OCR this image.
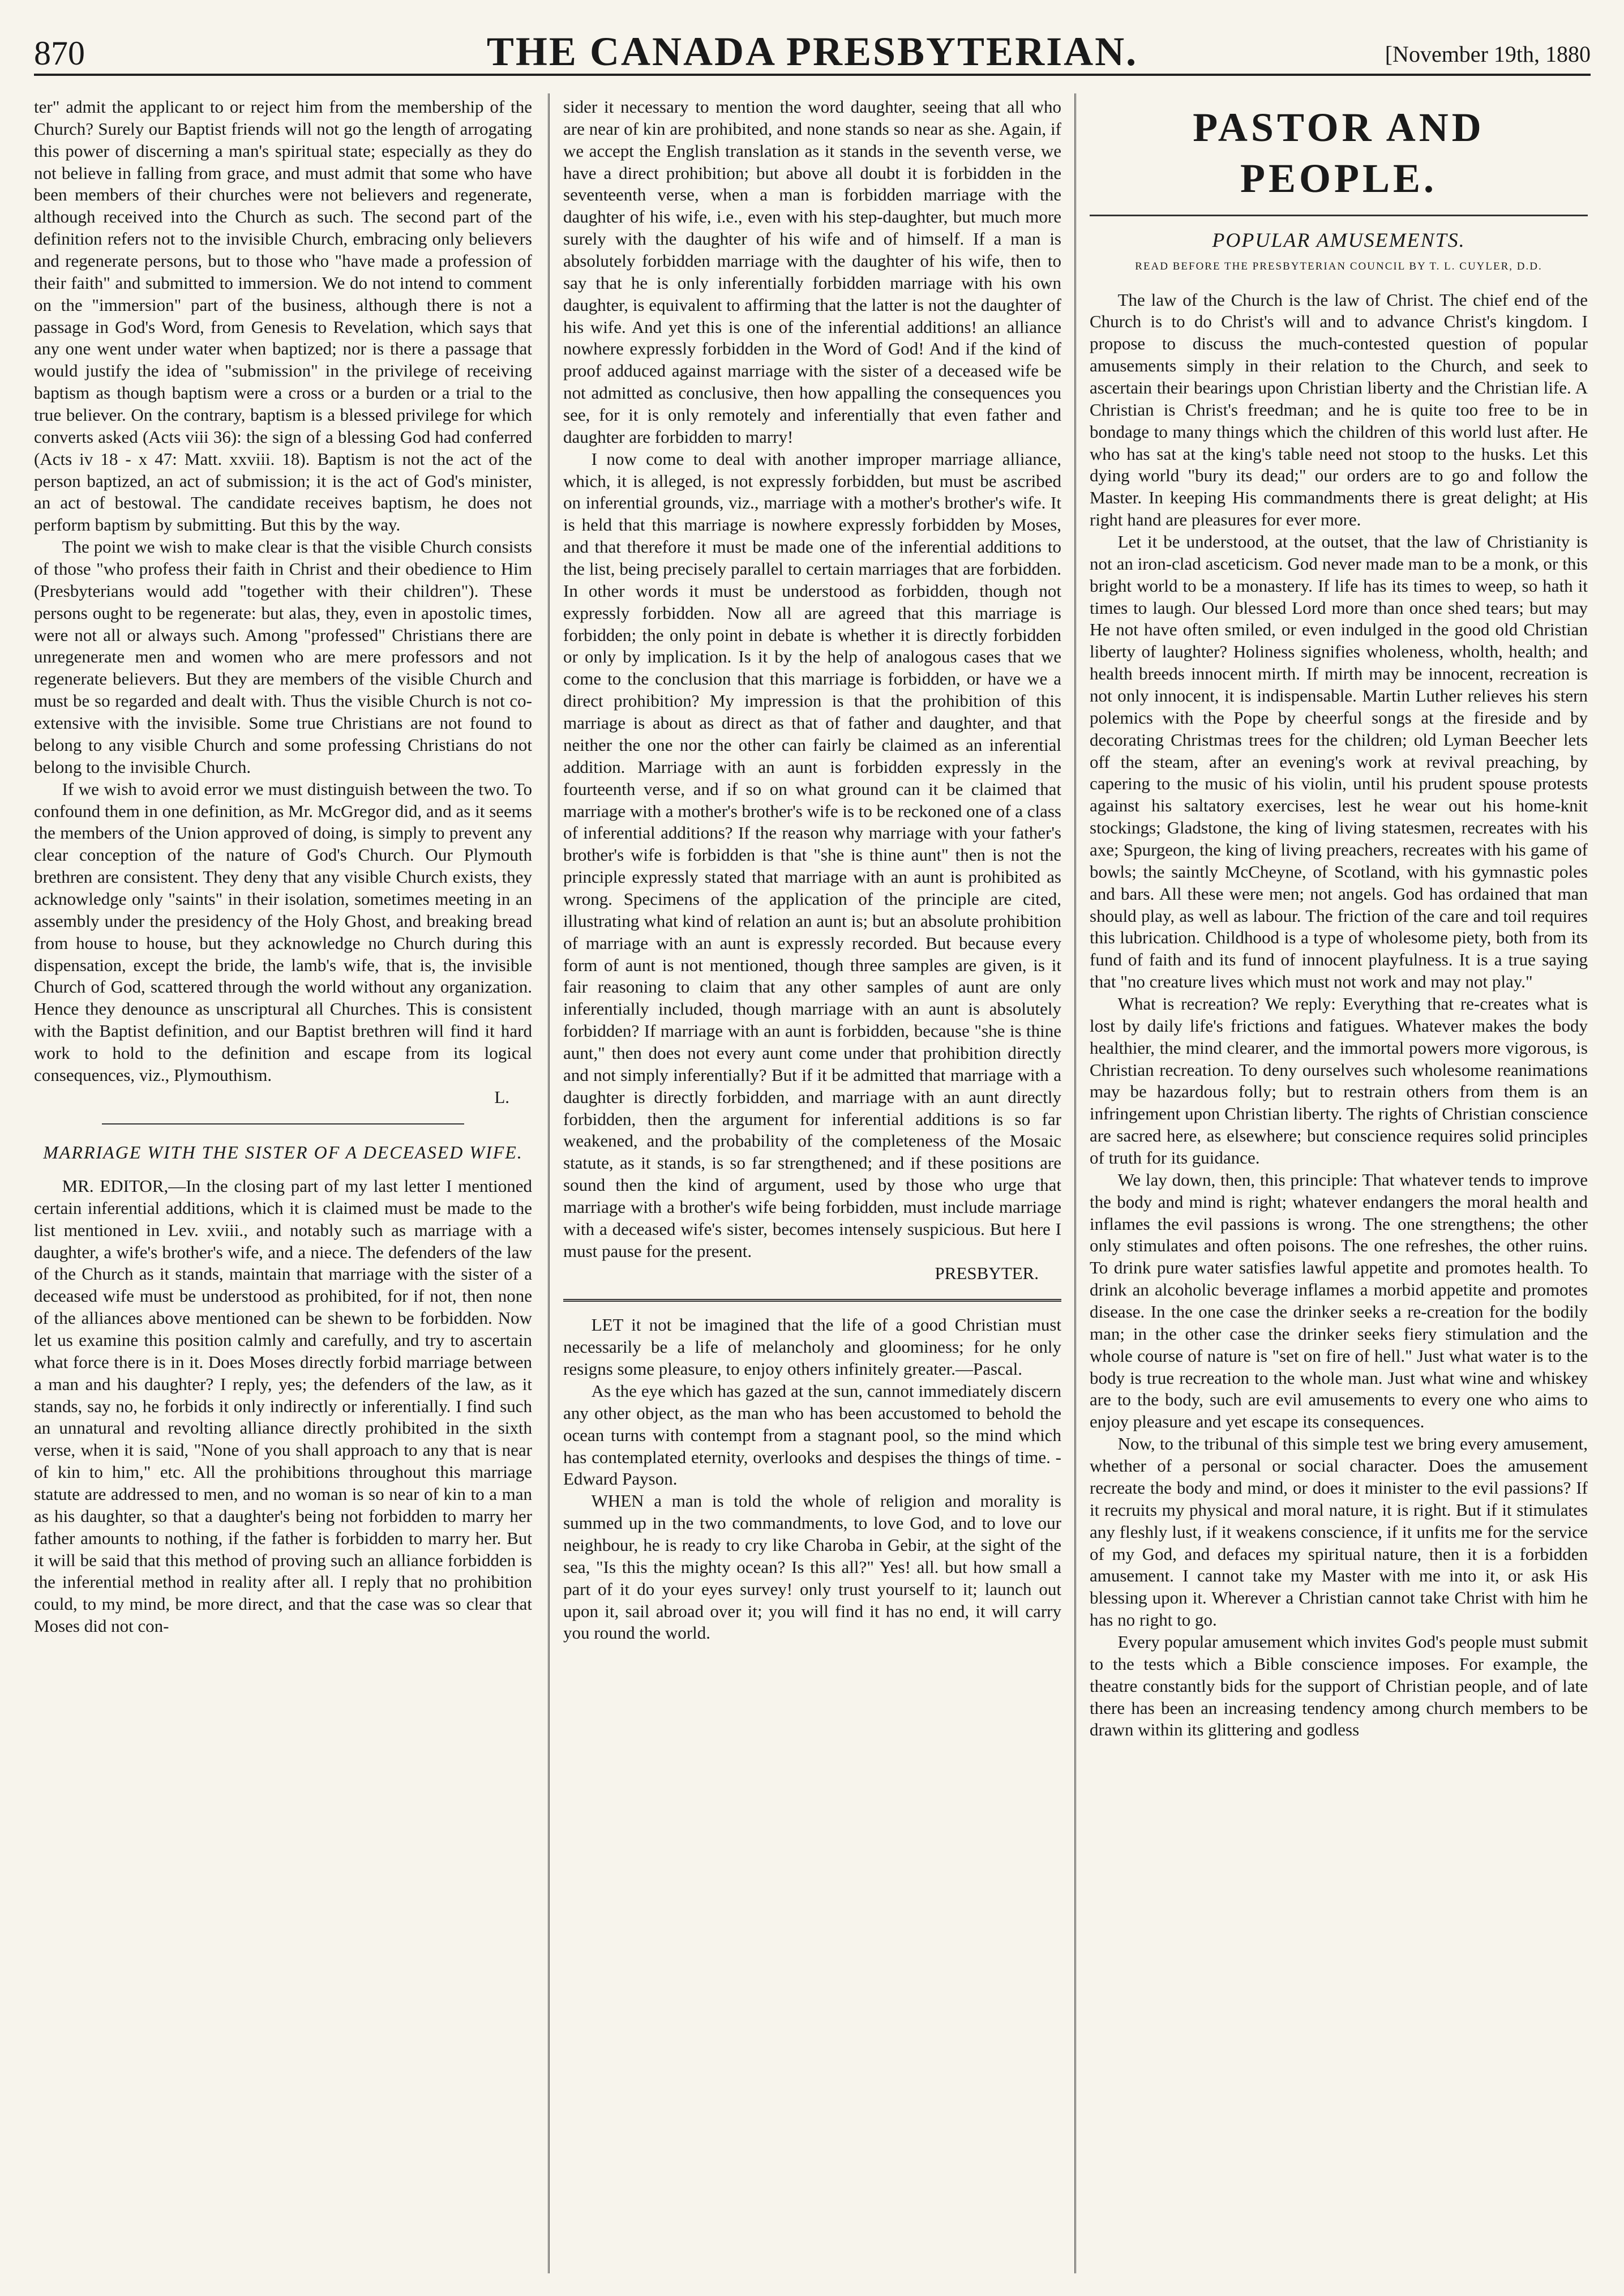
870	THE CANADA PRESBYTERIAN.	[November 19th, 1880

ter" admit the applicant to or reject him from the membership of the Church? Surely our Baptist friends will not go the length of arrogating this power of discerning a man's spiritual state; especially as they do not believe in falling from grace, and must admit that some who have been members of their churches were not believers and regenerate, although received into the Church as such. The second part of the definition refers not to the invisible Church, embracing only believers and regenerate persons, but to those who "have made a profession of their faith" and submitted to immersion. We do not intend to comment on the "immersion" part of the business, although there is not a passage in God's Word, from Genesis to Revelation, which says that any one went under water when baptized; nor is there a passage that would justify the idea of "submission" in the privilege of receiving baptism as though baptism were a cross or a burden or a trial to the true believer. On the contrary, baptism is a blessed privilege for which converts asked (Acts viii 36): the sign of a blessing God had conferred (Acts iv 18 - x 47: Matt. xxviii. 18). Baptism is not the act of the person baptized, an act of submission; it is the act of God's minister, an act of bestowal. The candidate receives baptism, he does not perform baptism by submitting. But this by the way.

The point we wish to make clear is that the visible Church consists of those "who profess their faith in Christ and their obedience to Him (Presbyterians would add "together with their children"). These persons ought to be regenerate: but alas, they, even in apostolic times, were not all or always such. Among "professed" Christians there are unregenerate men and women who are mere professors and not regenerate believers. But they are members of the visible Church and must be so regarded and dealt with. Thus the visible Church is not co-extensive with the invisible. Some true Christians are not found to belong to any visible Church and some professing Christians do not belong to the invisible Church.

If we wish to avoid error we must distinguish between the two. To confound them in one definition, as Mr. McGregor did, and as it seems the members of the Union approved of doing, is simply to prevent any clear conception of the nature of God's Church. Our Plymouth brethren are consistent. They deny that any visible Church exists, they acknowledge only "saints" in their isolation, sometimes meeting in an assembly under the presidency of the Holy Ghost, and breaking bread from house to house, but they acknowledge no Church during this dispensation, except the bride, the lamb's wife, that is, the invisible Church of God, scattered through the world without any organization. Hence they denounce as unscriptural all Churches. This is consistent with the Baptist definition, and our Baptist brethren will find it hard work to hold to the definition and escape from its logical consequences, viz., Plymouthism.

L.

MARRIAGE WITH THE SISTER OF A DECEASED WIFE.

MR. EDITOR,—In the closing part of my last letter I mentioned certain inferential additions, which it is claimed must be made to the list mentioned in Lev. xviii., and notably such as marriage with a daughter, a wife's brother's wife, and a niece. The defenders of the law of the Church as it stands, maintain that marriage with the sister of a deceased wife must be understood as prohibited, for if not, then none of the alliances above mentioned can be shewn to be forbidden. Now let us examine this position calmly and carefully, and try to ascertain what force there is in it. Does Moses directly forbid marriage between a man and his daughter? I reply, yes; the defenders of the law, as it stands, say no, he forbids it only indirectly or inferentially. I find such an unnatural and revolting alliance directly prohibited in the sixth verse, when it is said, "None of you shall approach to any that is near of kin to him," etc. All the prohibitions throughout this marriage statute are addressed to men, and no woman is so near of kin to a man as his daughter, so that a daughter's being not forbidden to marry her father amounts to nothing, if the father is forbidden to marry her. But it will be said that this method of proving such an alliance forbidden is the inferential method in reality after all. I reply that no prohibition could, to my mind, be more direct, and that the case was so clear that Moses did not con-

sider it necessary to mention the word daughter, seeing that all who are near of kin are prohibited, and none stands so near as she. Again, if we accept the English translation as it stands in the seventh verse, we have a direct prohibition; but above all doubt it is forbidden in the seventeenth verse, when a man is forbidden marriage with the daughter of his wife, i.e., even with his step-daughter, but much more surely with the daughter of his wife and of himself. If a man is absolutely forbidden marriage with the daughter of his wife, then to say that he is only inferentially forbidden marriage with his own daughter, is equivalent to affirming that the latter is not the daughter of his wife. And yet this is one of the inferential additions! an alliance nowhere expressly forbidden in the Word of God! And if the kind of proof adduced against marriage with the sister of a deceased wife be not admitted as conclusive, then how appalling the consequences you see, for it is only remotely and inferentially that even father and daughter are forbidden to marry!

I now come to deal with another improper marriage alliance, which, it is alleged, is not expressly forbidden, but must be ascribed on inferential grounds, viz., marriage with a mother's brother's wife. It is held that this marriage is nowhere expressly forbidden by Moses, and that therefore it must be made one of the inferential additions to the list, being precisely parallel to certain marriages that are forbidden. In other words it must be understood as forbidden, though not expressly forbidden. Now all are agreed that this marriage is forbidden; the only point in debate is whether it is directly forbidden or only by implication. Is it by the help of analogous cases that we come to the conclusion that this marriage is forbidden, or have we a direct prohibition? My impression is that the prohibition of this marriage is about as direct as that of father and daughter, and that neither the one nor the other can fairly be claimed as an inferential addition. Marriage with an aunt is forbidden expressly in the fourteenth verse, and if so on what ground can it be claimed that marriage with a mother's brother's wife is to be reckoned one of a class of inferential additions? If the reason why marriage with your father's brother's wife is forbidden is that "she is thine aunt" then is not the principle expressly stated that marriage with an aunt is prohibited as wrong. Specimens of the application of the principle are cited, illustrating what kind of relation an aunt is; but an absolute prohibition of marriage with an aunt is expressly recorded. But because every form of aunt is not mentioned, though three samples are given, is it fair reasoning to claim that any other samples of aunt are only inferentially included, though marriage with an aunt is absolutely forbidden? If marriage with an aunt is forbidden, because "she is thine aunt," then does not every aunt come under that prohibition directly and not simply inferentially? But if it be admitted that marriage with a daughter is directly forbidden, and marriage with an aunt directly forbidden, then the argument for inferential additions is so far weakened, and the probability of the completeness of the Mosaic statute, as it stands, is so far strengthened; and if these positions are sound then the kind of argument, used by those who urge that marriage with a brother's wife being forbidden, must include marriage with a deceased wife's sister, becomes intensely suspicious. But here I must pause for the present.

PRESBYTER.

LET it not be imagined that the life of a good Christian must necessarily be a life of melancholy and gloominess; for he only resigns some pleasure, to enjoy others infinitely greater.—Pascal.

As the eye which has gazed at the sun, cannot immediately discern any other object, as the man who has been accustomed to behold the ocean turns with contempt from a stagnant pool, so the mind which has contemplated eternity, overlooks and despises the things of time. - Edward Payson.

WHEN a man is told the whole of religion and morality is summed up in the two commandments, to love God, and to love our neighbour, he is ready to cry like Charoba in Gebir, at the sight of the sea, "Is this the mighty ocean? Is this all?" Yes! all. but how small a part of it do your eyes survey! only trust yourself to it; launch out upon it, sail abroad over it; you will find it has no end, it will carry you round the world.

PASTOR AND PEOPLE.
POPULAR AMUSEMENTS.
READ BEFORE THE PRESBYTERIAN COUNCIL BY T. L. CUYLER, D.D.

The law of the Church is the law of Christ. The chief end of the Church is to do Christ's will and to advance Christ's kingdom. I propose to discuss the much-contested question of popular amusements simply in their relation to the Church, and seek to ascertain their bearings upon Christian liberty and the Christian life. A Christian is Christ's freedman; and he is quite too free to be in bondage to many things which the children of this world lust after. He who has sat at the king's table need not stoop to the husks. Let this dying world "bury its dead;" our orders are to go and follow the Master. In keeping His commandments there is great delight; at His right hand are pleasures for ever more.

Let it be understood, at the outset, that the law of Christianity is not an iron-clad asceticism. God never made man to be a monk, or this bright world to be a monastery. If life has its times to weep, so hath it times to laugh. Our blessed Lord more than once shed tears; but may He not have often smiled, or even indulged in the good old Christian liberty of laughter? Holiness signifies wholeness, wholth, health; and health breeds innocent mirth. If mirth may be innocent, recreation is not only innocent, it is indispensable. Martin Luther relieves his stern polemics with the Pope by cheerful songs at the fireside and by decorating Christmas trees for the children; old Lyman Beecher lets off the steam, after an evening's work at revival preaching, by capering to the music of his violin, until his prudent spouse protests against his saltatory exercises, lest he wear out his home-knit stockings; Gladstone, the king of living statesmen, recreates with his axe; Spurgeon, the king of living preachers, recreates with his game of bowls; the saintly McCheyne, of Scotland, with his gymnastic poles and bars. All these were men; not angels. God has ordained that man should play, as well as labour. The friction of the care and toil requires this lubrication. Childhood is a type of wholesome piety, both from its fund of faith and its fund of innocent playfulness. It is a true saying that "no creature lives which must not work and may not play."

What is recreation? We reply: Everything that re-creates what is lost by daily life's frictions and fatigues. Whatever makes the body healthier, the mind clearer, and the immortal powers more vigorous, is Christian recreation. To deny ourselves such wholesome reanimations may be hazardous folly; but to restrain others from them is an infringement upon Christian liberty. The rights of Christian conscience are sacred here, as elsewhere; but conscience requires solid principles of truth for its guidance.

We lay down, then, this principle: That whatever tends to improve the body and mind is right; whatever endangers the moral health and inflames the evil passions is wrong. The one strengthens; the other only stimulates and often poisons. The one refreshes, the other ruins. To drink pure water satisfies lawful appetite and promotes health. To drink an alcoholic beverage inflames a morbid appetite and promotes disease. In the one case the drinker seeks a re-creation for the bodily man; in the other case the drinker seeks fiery stimulation and the whole course of nature is "set on fire of hell." Just what water is to the body is true recreation to the whole man. Just what wine and whiskey are to the body, such are evil amusements to every one who aims to enjoy pleasure and yet escape its consequences.

Now, to the tribunal of this simple test we bring every amusement, whether of a personal or social character. Does the amusement recreate the body and mind, or does it minister to the evil passions? If it recruits my physical and moral nature, it is right. But if it stimulates any fleshly lust, if it weakens conscience, if it unfits me for the service of my God, and defaces my spiritual nature, then it is a forbidden amusement. I cannot take my Master with me into it, or ask His blessing upon it. Wherever a Christian cannot take Christ with him he has no right to go.

Every popular amusement which invites God's people must submit to the tests which a Bible conscience imposes. For example, the theatre constantly bids for the support of Christian people, and of late there has been an increasing tendency among church members to be drawn within its glittering and godless
